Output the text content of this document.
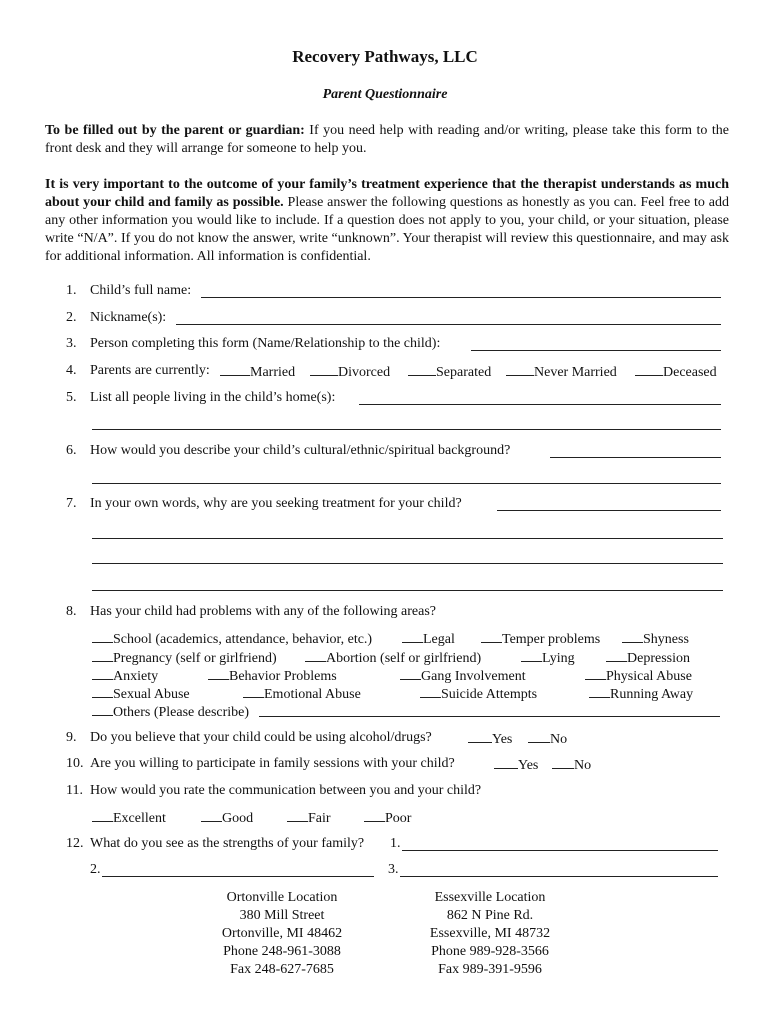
Recovery Pathways, LLC
Parent Questionnaire
To be filled out by the parent or guardian: If you need help with reading and/or writing, please take this form to the front desk and they will arrange for someone to help you.
It is very important to the outcome of your family’s treatment experience that the therapist understands as much about your child and family as possible. Please answer the following questions as honestly as you can. Feel free to add any other information you would like to include. If a question does not apply to you, your child, or your situation, please write “N/A”. If you do not know the answer, write “unknown”. Your therapist will review this questionnaire, and may ask for additional information. All information is confidential.
1. Child’s full name:
2. Nickname(s):
3. Person completing this form (Name/Relationship to the child):
4. Parents are currently:	Married	Divorced	Separated	Never Married	Deceased
5. List all people living in the child’s home(s):
6. How would you describe your child’s cultural/ethnic/spiritual background?
7. In your own words, why are you seeking treatment for your child?
8. Has your child had problems with any of the following areas?
School (academics, attendance, behavior, etc.)	Legal	Temper problems	Shyness
Pregnancy (self or girlfriend)	Abortion (self or girlfriend)	Lying	Depression
Anxiety	Behavior Problems	Gang Involvement	Physical Abuse
Sexual Abuse	Emotional Abuse	Suicide Attempts	Running Away
Others (Please describe)
9. Do you believe that your child could be using alcohol/drugs?	Yes	No
10. Are you willing to participate in family sessions with your child?	Yes	No
11. How would you rate the communication between you and your child?
Excellent	Good	Fair	Poor
12. What do you see as the strengths of your family? 1.
2.	3.
Ortonville Location
380 Mill Street
Ortonville, MI 48462
Phone 248-961-3088
Fax 248-627-7685
Essexville Location
862 N Pine Rd.
Essexville, MI 48732
Phone 989-928-3566
Fax 989-391-9596
